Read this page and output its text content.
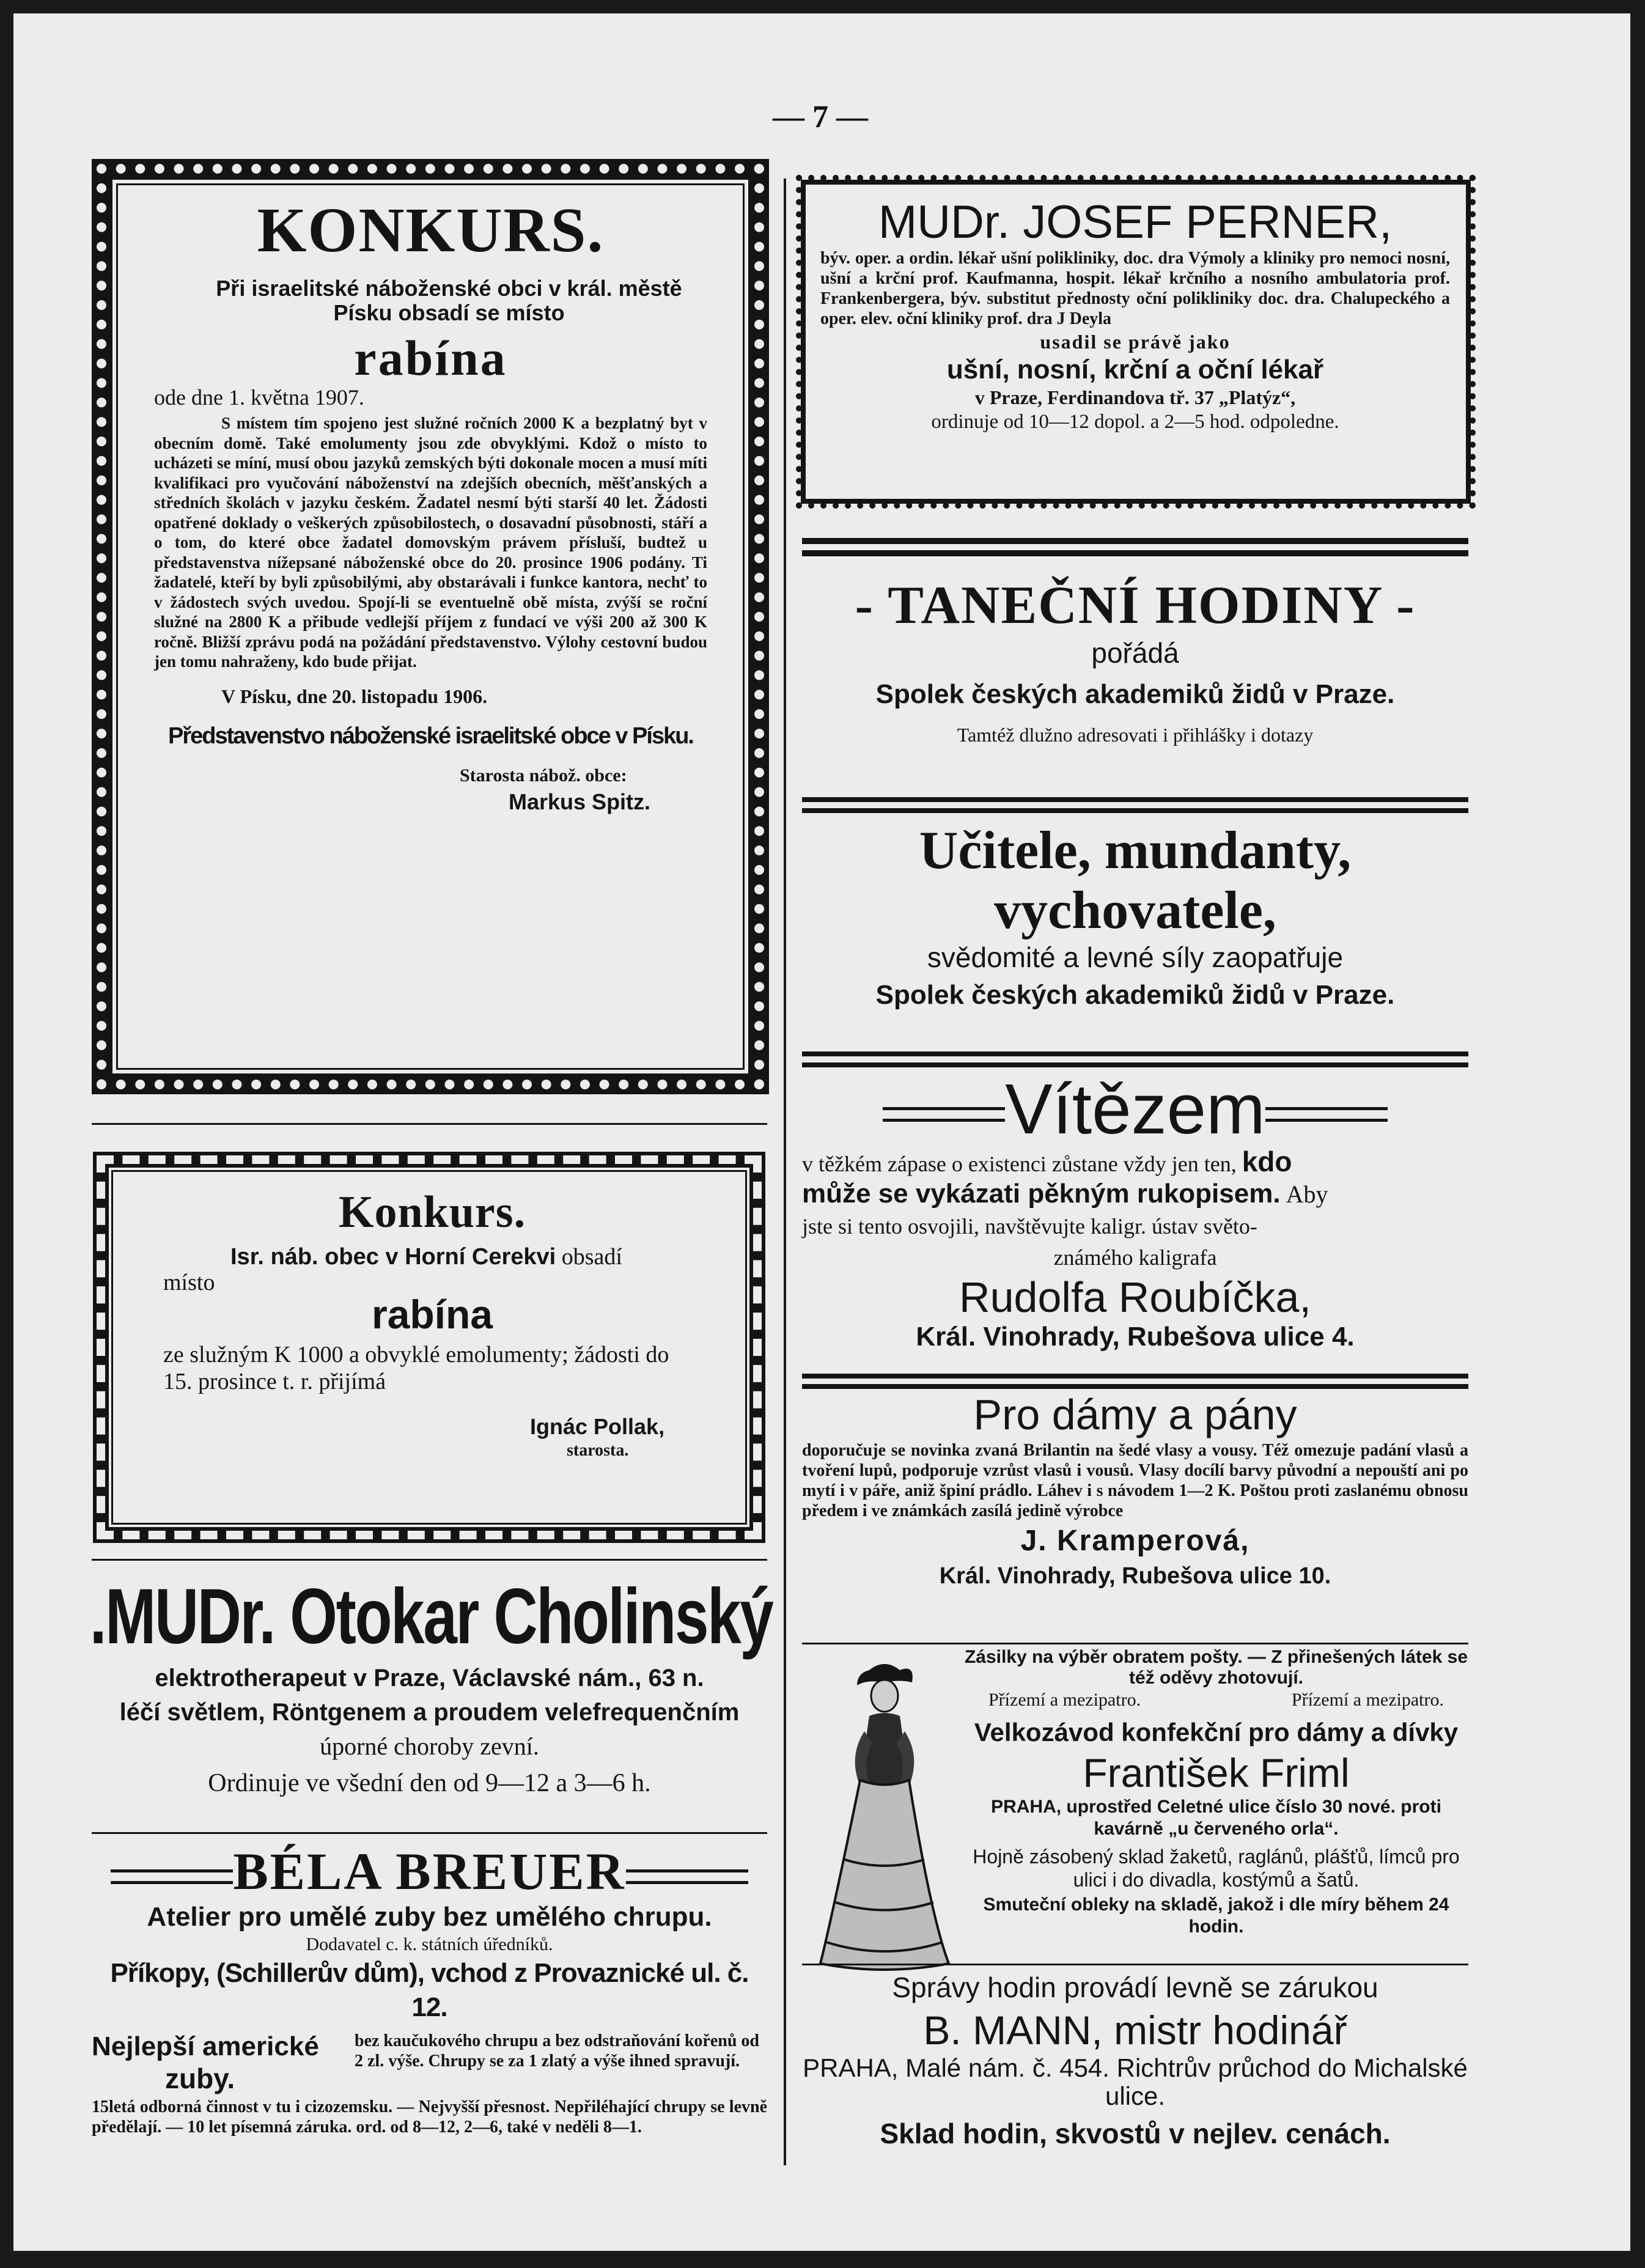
— 7 —
KONKURS.

Při israelitské náboženské obci v král. městě Písku obsadí se místo

rabína

ode dne 1. května 1907.

S místem tím spojeno jest služné ročních 2000 K a bezplatný byt v obecním domě. Také emolumenty jsou zde obvyklými. Kdož o místo to ucházeti se míní, musí obou jazyků zemských býti dokonale mocen a musí míti kvalifikaci pro vyučování náboženství na zdejších obecních, měšťanských a středních školách v jazyku českém. Žadatel nesmí býti starší 40 let. Žádosti opatřené doklady o veškerých způsobilostech, o dosavadní působnosti, stáří a o tom, do které obce žadatel domovským právem přísluší, budtež u představenstva nížepsané náboženské obce do 20. prosince 1906 podány. Ti žadatelé, kteří by byli způsobilými, aby obstarávali i funkce kantora, nechť to v žádostech svých uvedou. Spojí-li se eventuelně obě místa, zvýší se roční služné na 2800 K a přibude vedlejší příjem z fundací ve výši 200 až 300 K ročně. Bližší zprávu podá na požádání představenstvo. Výlohy cestovní budou jen tomu nahraženy, kdo bude přijat.

V Písku, dne 20. listopadu 1906.

Představenstvo náboženské israelitské obce v Písku.

Starosta nábož. obce:

Markus Spitz.

Konkurs.

Isr. náb. obec v Horní Cerekvi obsadí

místo

rabína

ze služným K 1000 a obvyklé emolumenty; žádosti do 15. prosince t. r. přijímá

Ignác Pollak,

starosta.

.MUDr. Otokar Cholinský

elektrotherapeut v Praze, Václavské nám., 63 n.

léčí světlem, Röntgenem a proudem velefrequenčním

úporné choroby zevní.

Ordinuje ve všední den od 9—12 a 3—6 h.

BÉLA BREUER

Atelier pro umělé zuby bez umělého chrupu.

Dodavatel c. k. státních úředníků.

Příkopy, (Schillerův dům), vchod z Provaznické ul. č. 12.

Nejlepší americké

zuby.

bez kaučukového chrupu a bez odstraňování kořenů od 2 zl. výše. Chrupy se za 1 zlatý a výše ihned spravují.

15letá odborná činnost v tu i cizozemsku. — Nejvyšší přesnost. Nepřiléhající chrupy se levně předělají. — 10 let písemná záruka. ord. od 8—12, 2—6, také v neděli 8—1.

MUDr. JOSEF PERNER,

býv. oper. a ordin. lékař ušní polikliniky, doc. dra Výmoly a kliniky pro nemoci nosní, ušní a krční prof. Kaufmanna, hospit. lékař krčního a nosního ambulatoria prof. Frankenbergera, býv. substitut přednosty oční polikliniky doc. dra. Chalupeckého a oper. elev. oční kliniky prof. dra J Deyla

usadil se právě jako

ušní, nosní, krční a oční lékař

v Praze, Ferdinandova tř. 37 „Platýz“,

ordinuje od 10—12 dopol. a 2—5 hod. odpoledne.

- TANEČNÍ HODINY -

pořádá

Spolek českých akademiků židů v Praze.

Tamtéž dlužno adresovati i přihlášky i dotazy

Učitele, mundanty,
vychovatele,

svědomité a levné síly zaopatřuje

Spolek českých akademiků židů v Praze.

Vítězem

v těžkém zápase o existenci zůstane vždy jen ten, kdo

může se vykázati pěkným rukopisem. Aby

jste si tento osvojili, navštěvujte kaligr. ústav světo-

známého kaligrafa

Rudolfa Roubíčka,

Král. Vinohrady, Rubešova ulice 4.

Pro dámy a pány

doporučuje se novinka zvaná Brilantin na šedé vlasy a vousy. Též omezuje padání vlasů a tvoření lupů, podporuje vzrůst vlasů i vousů. Vlasy docílí barvy původní a nepouští ani po mytí i v páře, aniž špiní prádlo. Láhev i s návodem 1—2 K. Poštou proti zaslanému obnosu předem i ve známkách zasílá jedině výrobce

J. Kramperová,

Král. Vinohrady, Rubešova ulice 10.

Zásilky na výběr obratem pošty. — Z přinešených látek se též oděvy zhotovují.

Přízemí a mezipatro.	Přízemí a mezipatro.

Velkozávod konfekční pro dámy a dívky

František Friml

PRAHA, uprostřed Celetné ulice číslo 30 nové. proti kavárně „u červeného orla“.

Hojně zásobený sklad žaketů, raglánů, plášťů, límců pro ulici i do divadla, kostýmů a šatů.

Smuteční obleky na skladě, jakož i dle míry během 24 hodin.

Správy hodin provádí levně se zárukou

B. MANN, mistr hodinář

PRAHA, Malé nám. č. 454. Richtrův průchod do Michalské ulice.

Sklad hodin, skvostů v nejlev. cenách.
